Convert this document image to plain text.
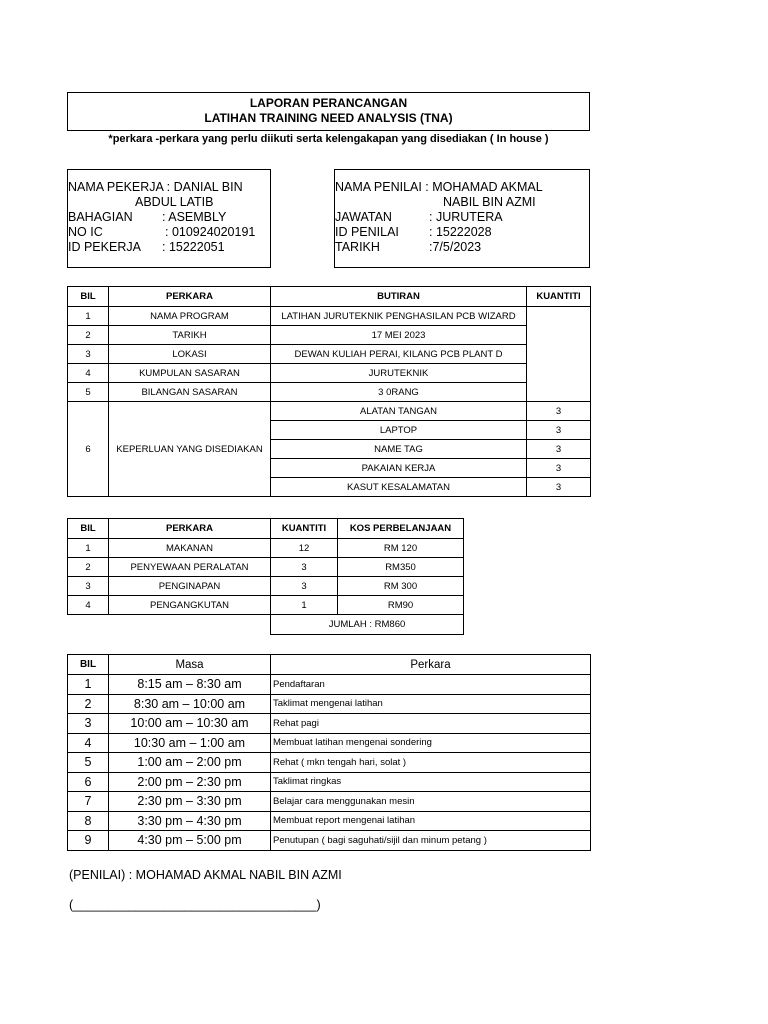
LAPORAN PERANCANGAN
LATIHAN TRAINING NEED ANALYSIS (TNA)
*perkara -perkara yang perlu diikuti serta kelengakapan yang disediakan ( In house )
NAMA PEKERJA : DANIAL BIN
ABDUL LATIB
BAHAGIAN	: ASEMBLY
NO IC	: 010924020191
ID PEKERJA	: 15222051
NAMA PENILAI : MOHAMAD AKMAL
NABIL BIN AZMI
JAWATAN	: JURUTERA
ID PENILAI	: 15222028
TARIKH	:7/5/2023
BIL	PERKARA	BUTIRAN	KUANTITI
1	NAMA PROGRAM	LATIHAN JURUTEKNIK PENGHASILAN PCB WIZARD	
2	TARIKH	17 MEI 2023	
3	LOKASI	DEWAN KULIAH PERAI, KILANG PCB PLANT D	
4	KUMPULAN SASARAN	JURUTEKNIK	
5	BILANGAN SASARAN	3 0RANG	
6	KEPERLUAN YANG DISEDIAKAN	ALATAN TANGAN	3
		LAPTOP	3
		NAME TAG	3
		PAKAIAN KERJA	3
		KASUT KESALAMATAN	3
BIL	PERKARA	KUANTITI	KOS PERBELANJAAN
1	MAKANAN	12	RM 120
2	PENYEWAAN PERALATAN	3	RM350
3	PENGINAPAN	3	RM 300
4	PENGANGKUTAN	1	RM90
		JUMLAH : RM860	
BIL	Masa	Perkara
1	8:15 am – 8:30 am	Pendaftaran
2	8:30 am – 10:00 am	Taklimat mengenai latihan
3	10:00 am – 10:30 am	Rehat pagi
4	10:30 am – 1:00 am	Membuat latihan mengenai sondering
5	1:00 am – 2:00 pm	Rehat ( mkn tengah hari, solat )
6	2:00 pm – 2:30 pm	Taklimat ringkas
7	2:30 pm – 3:30 pm	Belajar cara menggunakan mesin
8	3:30 pm – 4:30 pm	Membuat report mengenai latihan
9	4:30 pm – 5:00 pm	Penutupan ( bagi saguhati/sijil dan minum petang )
(PENILAI) : MOHAMAD AKMAL NABIL BIN AZMI
(___________________________________)
